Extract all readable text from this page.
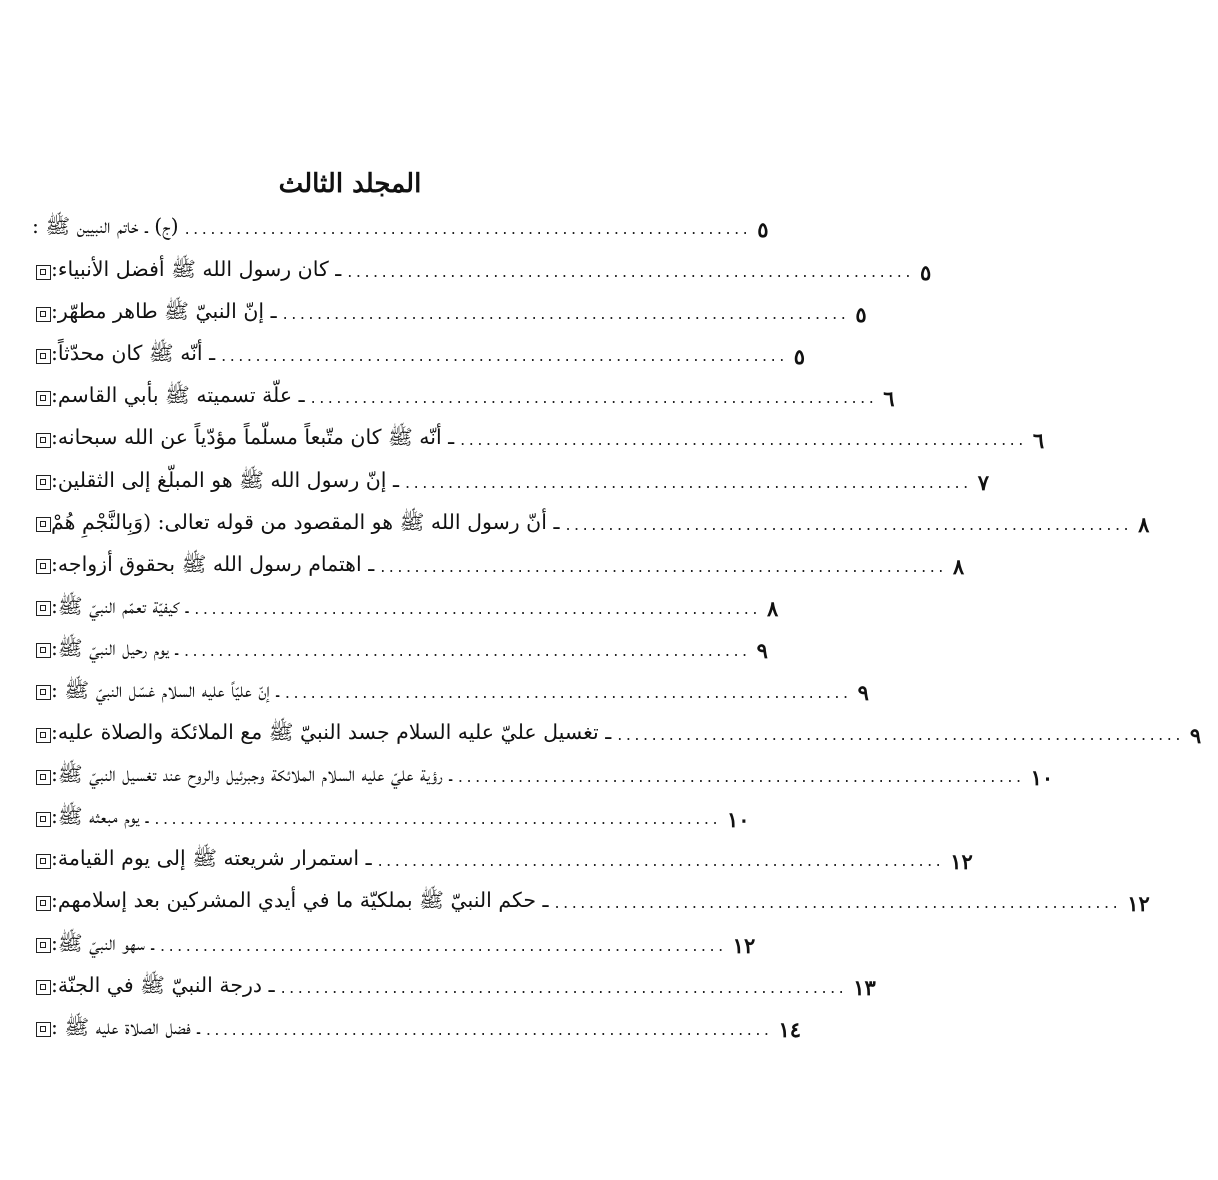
المجلد الثالث
(ج) ـ خاتم النبيين ﷺ : .................................................................. ٥
ـ كان رسول الله ﷺ أفضل الأنبياء: .................................................................. ٥
ـ إنّ النبيّ ﷺ طاهر مطهّر: .................................................................. ٥
ـ أنّه ﷺ كان محدّثاً: .................................................................. ٥
ـ علّة تسميته ﷺ بأبي القاسم: .................................................................. ٦
ـ أنّه ﷺ كان متّبعاً مسلّماً مؤدّياً عن الله سبحانه: .................................................................. ٦
ـ إنّ رسول الله ﷺ هو المبلّغ إلى الثقلين: .................................................................. ٧
ـ أنّ رسول الله ﷺ هو المقصود من قوله تعالى: (وَبِالنَّجْمِ هُمْ .................................................................. ٨
ـ اهتمام رسول الله ﷺ بحقوق أزواجه: .................................................................. ٨
ـ كيفيّة تعمّم النبيّ ﷺ: .................................................................. ٨
ـ يوم رحيل النبيّ ﷺ: .................................................................. ٩
ـ إنّ عليّاً عليه السلام غسّل النبيّ ﷺ : .................................................................. ٩
ـ تغسيل عليّ عليه السلام جسد النبيّ ﷺ مع الملائكة والصلاة عليه: .................................................................. ٩
ـ رؤية عليّ عليه السلام الملائكة وجبرئيل والروح عند تغسيل النبيّ ﷺ: .................................................................. ١٠
ـ يوم مبعثه ﷺ: .................................................................. ١٠
ـ استمرار شريعته ﷺ إلى يوم القيامة: .................................................................. ١٢
ـ حكم النبيّ ﷺ بملكيّة ما في أيدي المشركين بعد إسلامهم: .................................................................. ١٢
ـ سهو النبيّ ﷺ: .................................................................. ١٢
ـ درجة النبيّ ﷺ في الجنّة: .................................................................. ١٣
ـ فضل الصلاة عليه ﷺ : .................................................................. ١٤
